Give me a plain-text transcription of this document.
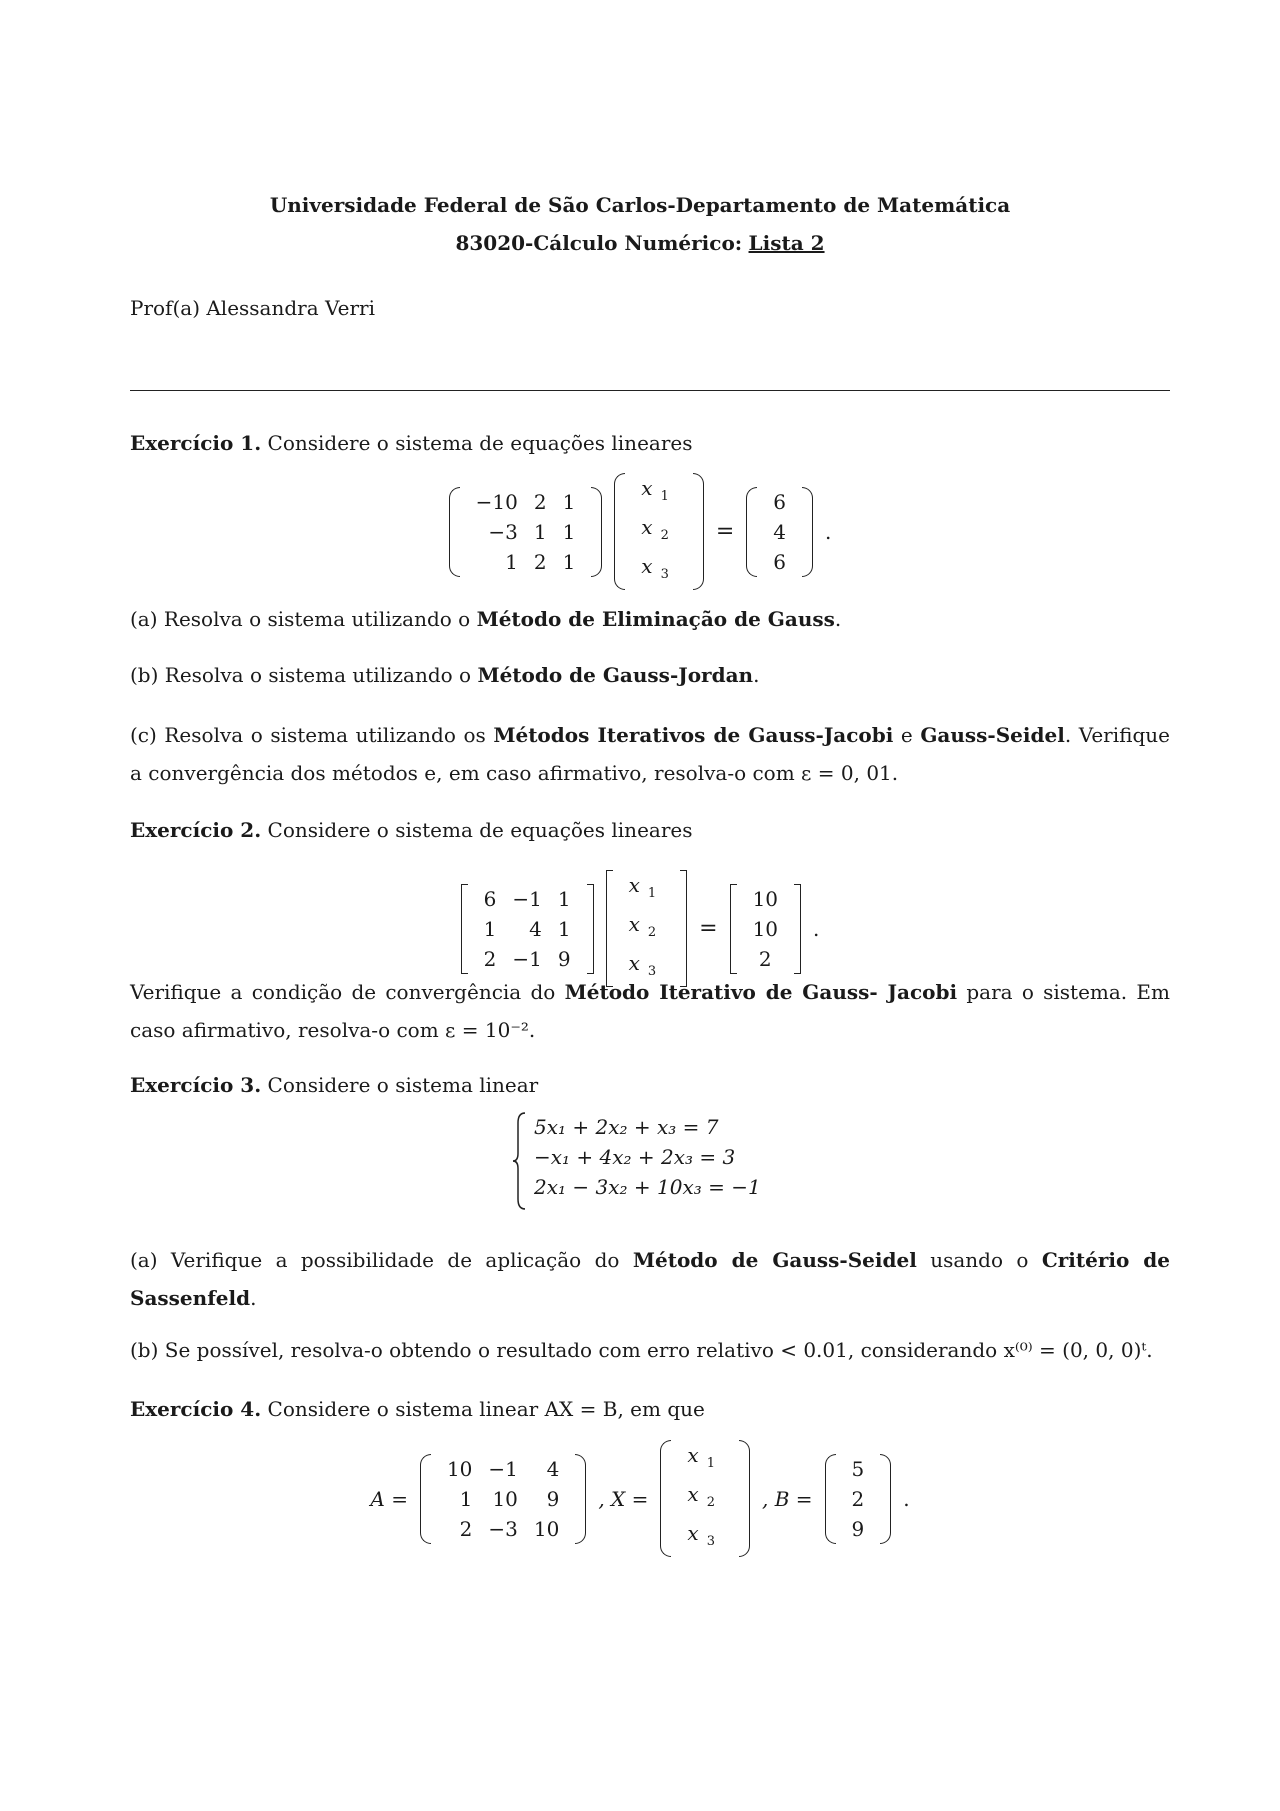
Universidade Federal de São Carlos-Departamento de Matemática
83020-Cálculo Numérico: Lista 2
Prof(a) Alessandra Verri
Exercício 1. Considere o sistema de equações lineares
−10 2 1
−3 1 1
1 2 1
x $_1$
x $_2$
x $_3$
=
6
4
6
.
(a) Resolva o sistema utilizando o Método de Eliminação de Gauss.
(b) Resolva o sistema utilizando o Método de Gauss-Jordan.
(c) Resolva o sistema utilizando os Métodos Iterativos de Gauss-Jacobi e Gauss-Seidel. Verifique a convergência dos métodos e, em caso afirmativo, resolva-o com ε = 0, 01.
Exercício 2. Considere o sistema de equações lineares
6 −1 1
1	4 1
2 −1 9
x $_1$
x $_2$
x $_3$
=
10
10
2
.
Verifique a condição de convergência do Método Iterativo de Gauss- Jacobi para o sistema. Em caso afirmativo, resolva-o com ε = 10⁻².
Exercício 3. Considere o sistema linear
5x₁ + 2x₂ + x₃ = 7
−x₁ + 4x₂ + 2x₃ = 3
2x₁ − 3x₂ + 10x₃ = −1
(a) Verifique a possibilidade de aplicação do Método de Gauss-Seidel usando o Critério de Sassenfeld.
(b) Se possível, resolva-o obtendo o resultado com erro relativo < 0.01, considerando x⁽⁰⁾ = (0, 0, 0)ᵗ.
Exercício 4. Considere o sistema linear AX = B, em que
A =
10 −1	4
1	10	9
2 −3 10
, X =
x $_1$
x $_2$
x $_3$
, B =
5
2
9
.
